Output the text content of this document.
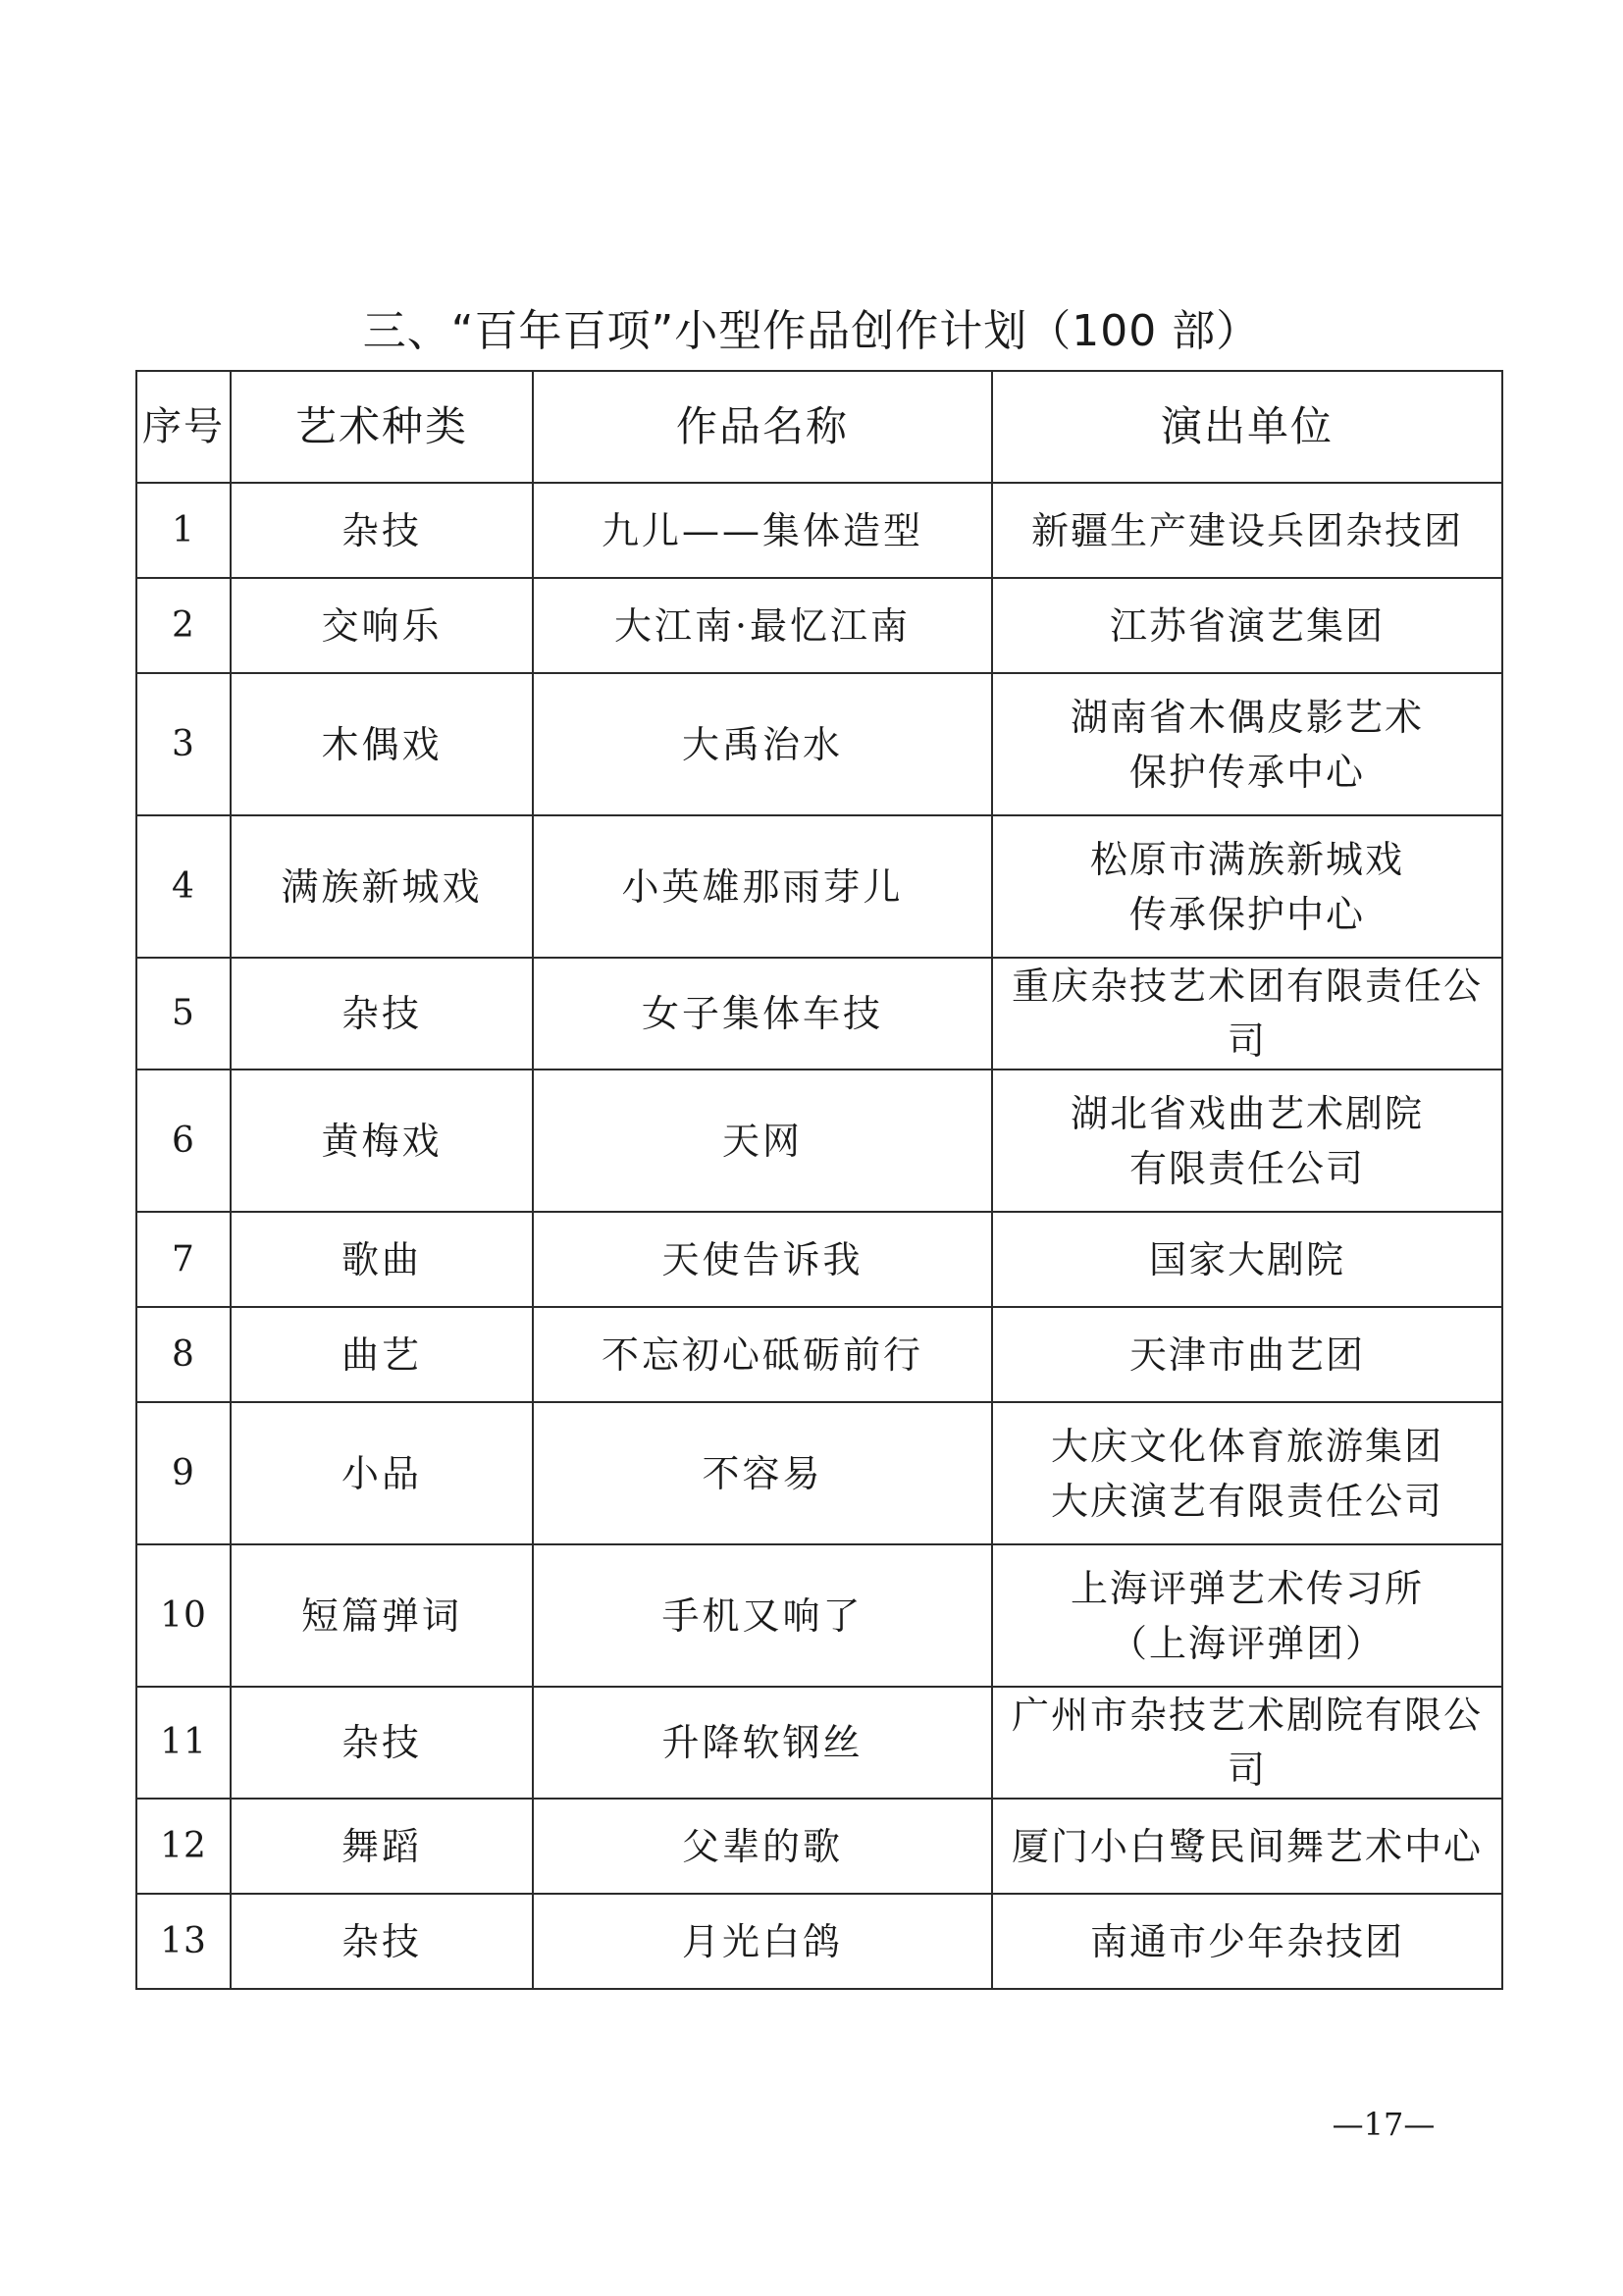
三、“百年百项”小型作品创作计划（100 部）
序号	艺术种类	作品名称	演出单位
1	杂技	九儿——集体造型	新疆生产建设兵团杂技团

2	交响乐	大江南·最忆江南	江苏省演艺集团

3	木偶戏	大禹治水	湖南省木偶皮影艺术
保护传承中心

4	满族新城戏	小英雄那雨芽儿	松原市满族新城戏
传承保护中心

5	杂技	女子集体车技	重庆杂技艺术团有限责任公司

6	黄梅戏	天网	湖北省戏曲艺术剧院
有限责任公司

7	歌曲	天使告诉我	国家大剧院

8	曲艺	不忘初心砥砺前行	天津市曲艺团

9	小品	不容易	大庆文化体育旅游集团
大庆演艺有限责任公司

10	短篇弹词	手机又响了	上海评弹艺术传习所
（上海评弹团）

11	杂技	升降软钢丝	广州市杂技艺术剧院有限公司

12	舞蹈	父辈的歌	厦门小白鹭民间舞艺术中心

13	杂技	月光白鸽	南通市少年杂技团
—17—
